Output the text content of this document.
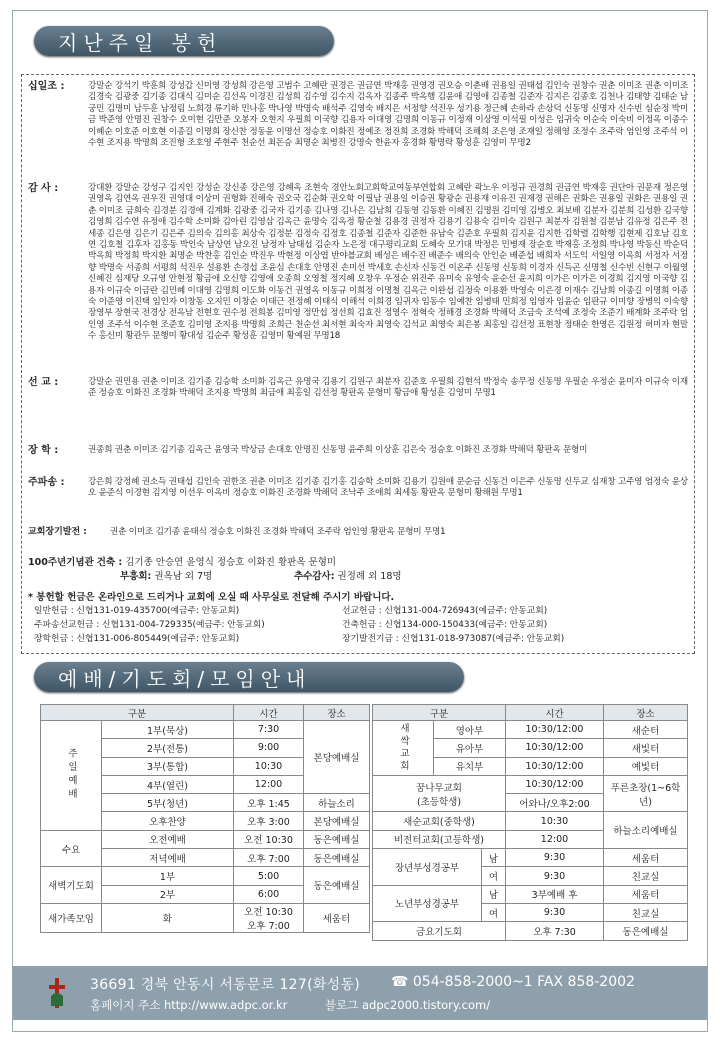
지난주일 봉헌
십일조 :	강말순 강석기 박훈희 강성갑 신미영 강성희 강은영 고범수 고혜란 권경은 권금연 박재홍 권영경 권오승 이춘배 권용일 권태섭 김인숙 권창수 권춘 이미조 권춘 이미조 김경숙 김광중 김기종 김대식 김미순 김선옥 이경진 김성희 김수영 김수지 김옥자 김종주 박옥행 김윤애 김영애 김종철 김준자 김지은 김종호 김천나 김태향 김태순 남궁민 김명미 남두훈 남정림 노희경 류기하 민나홍 박나영 박명숙 배석주 김영숙 배지은 서정향 석진우 성기용 정근혜 손하라 손상덕 신동명 신명자 신수빈 심순정 박미금 박준영 안명진 권창수 오미현 김만준 오봉자 오현지 우필희 이국향 김용자 이대영 김명희 이동규 이정재 이상영 이석필 이성은 임귀숙 이순숙 이숙비 이정옥 이종수 이혜순 이호준 이호현 이종길 이명희 장신찬 정동윤 이명선 정승호 이화진 정예조 정진희 조경화 박해덕 조해희 조은영 조재일 정해영 조정수 조주락 엄인영 조주석 이수현 조지용 박명희 조진형 조호영 주현주 천순선 최돈승 최명순 최병진 강명숙 한윤자 홍경화 황명락 황성훈 김영미 무명2
감 사 :	강대환 강말순 강성구 김지인 강성순 강신종 강은영 강혜옥 조현숙 경안노회고회학교여동부연합회 고혜란 곽노우 이정규 권경희 권금연 박재홍 권단아 권문재 정은영 권영옥 김연옥 권우진 권영대 이상미 권형화 진해숙 권오국 김순화 권오학 이필남 권용일 이승권 황광순 권용재 이유진 권재경 권해은 권화은 권용일 권화은 권용일 권춘 이미조 금희숙 김경분 김경애 김계화 김광중 김국자 김기종 김나영 김나은 김남희 김동영 김동환 이혜진 김명원 김미영 김병오 최보배 김분자 김분희 김성환 김국향 김영희 김수연 유정애 김수학 소미화 김아린 김영삼 김옥근 윤명숙 김옥정 황순철 김용경 권정자 김용기 김용숙 김미숙 김원구 최분자 김원철 김분남 김유정 김은주 전세종 김은영 김은기 김은주 김의숙 김의홍 최상숙 김정분 김정숙 김정호 김종철 김준자 김준한 유남숙 김준호 우필희 김지윤 김지한 김학렬 김학행 김현제 김호남 김호연 김호철 김후자 김홍동 박인숙 남상연 남오진 남정자 남태섭 김순자 노은정 대구평리교회 도혜숙 모기대 박정은 민병재 장순호 박재홍 조정희 박나영 박동신 박순덕 박옥희 박정희 박지환 최명순 박찬홍 김인순 박진우 박현정 이상엽 반야블교회 배성은 배수진 배준수 배의숙 안인순 배준섭 배희자 서도익 서일영 이옥희 서정자 서정향 박명숙 서종희 서평희 석진우 설용환 손경섭 조윤심 손대호 안명진 손미선 박세호 손신자 신동건 이온주 신동명 신동희 이경자 신득곤 신명철 신수빈 신현구 이월영 신혜진 심재당 오규영 안현정 황금애 오신향 김영애 오종희 오영철 정지혜 오창우 우정순 위진주 유미숙 유영숙 윤순선 윤지희 이가은 이가은 이경희 김지영 이국향 김용자 이규숙 이금란 김민혜 이대영 김명희 이도화 이동건 권영옥 이동규 이희정 이명철 김옥근 이완섭 김정숙 이용환 박영숙 이은경 이재수 김남희 이종길 이명희 이종숙 이준영 이진택 임인자 이창동 오지민 이창순 이태근 전정혜 이태식 이해석 이희경 임귀자 임동수 임예찬 임병태 민희정 임영자 임윤순 임판규 이미향 장병익 이숙향 장영부 장현국 전경상 전옥남 전현호 권수정 전희봉 김미영 정만섭 정선희 김효진 정영수 정혁숙 정해경 조경화 박해덕 조금숙 조석예 조정숙 조준기 배계화 조주락 엄인영 조주석 이수현 조준호 김미영 조지용 박명희 조희근 천순선 최서현 최숙자 최영숙 김석교 최영숙 최은봉 최홍일 김선정 표현창 정태순 한영은 김원정 허미자 현말수 홍신미 황관두 문행미 황대성 김순주 황성훈 김영미 황예원 무명18
선 교 :	강말순 권민용 권춘 이미조 김기종 김승학 소미화 김옥근 유명국 김용기 김원구 최분자 김준호 우필희 김현석 박정숙 송무정 신동명 우필순 우정순 윤미자 이규숙 이재준 정승호 이화진 조경화 박해덕 조지용 박명희 최금애 최홍일 김선정 황판옥 문형미 황금애 황성훈 김영미 무명1
장 학 :	권종희 권춘 이미조 김기종 김옥근 윤영국 박상금 손대호 안명진 신동명 윤주희 이상훈 김은숙 정승호 이화진 조경화 박해덕 황판옥 문형미
주파송 :	강은희 강정혜 권소득 권태섭 김인숙 권한조 권춘 이미조 김기종 김기홍 김승학 소미화 김용기 김원애 문순금 신동건 이은주 신동명 신두교 심재창 고주영 엄정숙 윤상오 윤준식 이경현 김지영 이선우 이옥비 정승호 이화진 조경화 박해덕 조낙주 조애희 최세동 황판옥 문형미 황해원 무명1
교회장기발전 :	권춘 이미조 김기종 윤태식 정승호 이화진 조경화 박해덕 조주락 엄인영 황판옥 문형미 무명1
100주년기념관 건축 : 김기종 안승연 윤영식 정승호 이화진 황판옥 문형미
부흥회: 권옥남 외 7명	추수감사: 권정례 외 18명
* 봉헌할 헌금은 온라인으로 드리거나 교회에 오실 때 사무실로 전달해 주시기 바랍니다.
일반헌금 : 신협131-019-435700(예금주: 안동교회)	선교헌금 : 신협131-004-726943(예금주: 안동교회)
주파송선교헌금 : 신협131-004-729335(예금주: 안동교회)	건축헌금 : 신협134-000-150433(예금주: 안동교회)
장학헌금 : 신협131-006-805449(예금주: 안동교회)	장기발전기금 : 신협131-018-973087(예금주: 안동교회)
예배/기도회/모임안내
구분		시간	장소
주일예배	1부(묵상)	7:30	본당예배실
	2부(전통)	9:00	
	3부(통합)	10:30	
	4부(열린)	12:00	
	5부(청년)	오후 1:45	하늘소리
	오후찬양	오후 3:00	본당예배실
수요	오전예배	오전 10:30	동은예배실
	저녁예배	오후 7:00	동은예배실
새벽기도회	1부	5:00	동은예배실
	2부	6:00	
새가족모임	화	오전 10:30
오후 7:00	세움터

구분			시간	장소
새싹교회	영아부		10:30/12:00	새순터
	유아부		10:30/12:00	새빛터
	유치부		10:30/12:00	예빛터

꿈나무교회
(초등학생)			10:30/12:00	푸른초장(1~6학년)
			어와나/오후2:00	

새순교회(중학생)			10:30	하늘소리예배실
비전터교회(고등학생)			12:00	
장년부성경공부		남	9:30	세움터
		여	9:30	친교실
노년부성경공부		남	3부예배 후	세움터
		여	9:30	친교실
금요기도회			오후 7:30	동은예배실
36691 경북 안동시 서동문로 127(화성동) ☎ 054-858-2000~1 FAX 858-2002
홈페이지 주소 http://www.adpc.or.kr	블로그 adpc2000.tistory.com/
